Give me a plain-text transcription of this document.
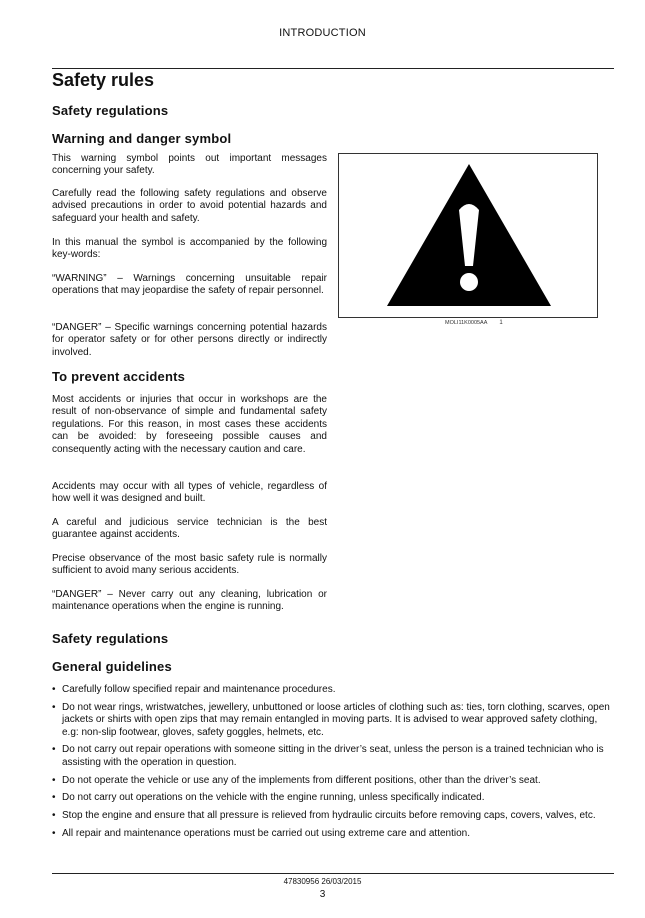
INTRODUCTION
Safety rules
Safety regulations
Warning and danger symbol

This warning symbol points out important messages concerning your safety.

Carefully read the following safety regulations and observe advised precautions in order to avoid potential hazards and safeguard your health and safety.

In this manual the symbol is accompanied by the following key-words:

“WARNING” – Warnings concerning unsuitable repair operations that may jeopardise the safety of repair personnel.

“DANGER” – Specific warnings concerning potential hazards for operator safety or for other persons directly or indirectly involved.

MOLI11K0005AA 1
To prevent accidents

Most accidents or injuries that occur in workshops are the result of non-observance of simple and fundamental safety regulations. For this reason, in most cases these accidents can be avoided: by foreseeing possible causes and consequently acting with the necessary caution and care.

Accidents may occur with all types of vehicle, regardless of how well it was designed and built.

A careful and judicious service technician is the best guarantee against accidents.

Precise observance of the most basic safety rule is normally sufficient to avoid many serious accidents.

“DANGER” – Never carry out any cleaning, lubrication or maintenance operations when the engine is running.

Safety regulations
General guidelines
• Carefully follow specified repair and maintenance procedures.
• Do not wear rings, wristwatches, jewellery, unbuttoned or loose articles of clothing such as: ties, torn clothing, scarves, open jackets or shirts with open zips that may remain entangled in moving parts. It is advised to wear approved safety clothing, e.g: non-slip footwear, gloves, safety goggles, helmets, etc.
• Do not carry out repair operations with someone sitting in the driver’s seat, unless the person is a trained technician who is assisting with the operation in question.
• Do not operate the vehicle or use any of the implements from different positions, other than the driver’s seat.
• Do not carry out operations on the vehicle with the engine running, unless specifically indicated.
• Stop the engine and ensure that all pressure is relieved from hydraulic circuits before removing caps, covers, valves, etc.
• All repair and maintenance operations must be carried out using extreme care and attention.
47830956 26/03/2015
3
